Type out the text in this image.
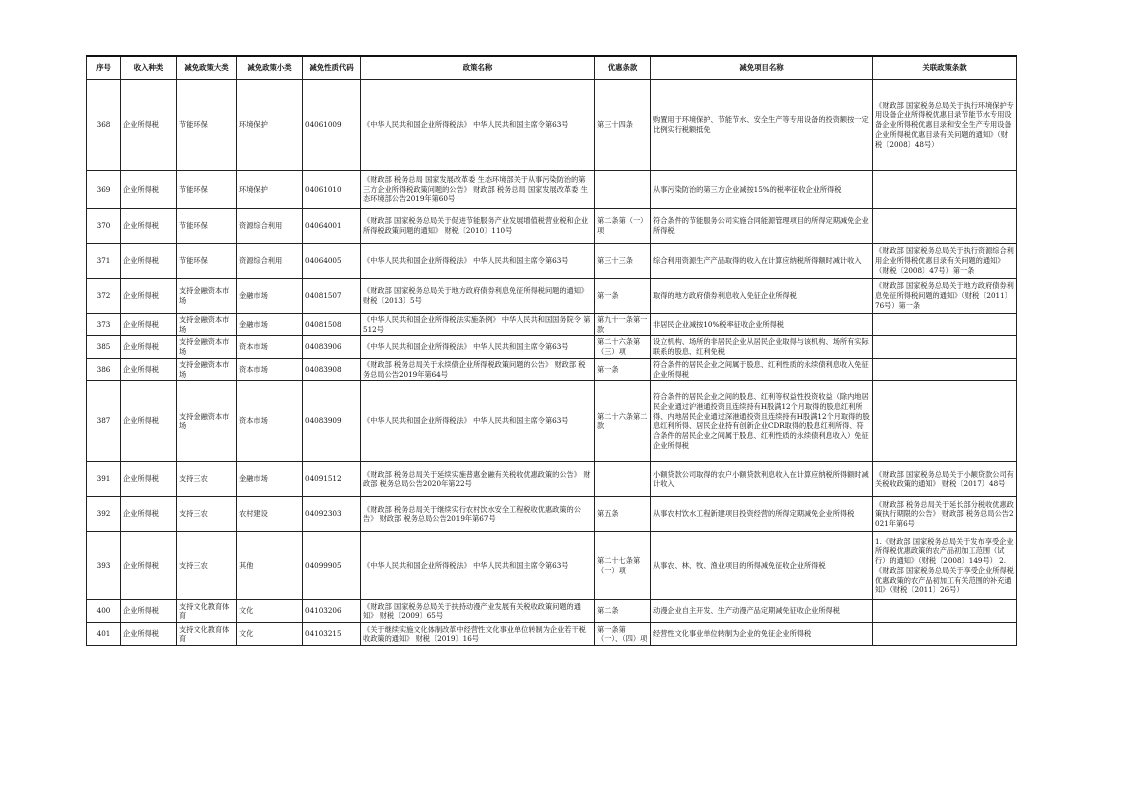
序号	收入种类	减免政策大类	减免政策小类	减免性质代码	政策名称	优惠条款	减免项目名称	关联政策条款
368	企业所得税	节能环保	环境保护	04061009	《中华人民共和国企业所得税法》 中华人民共和国主席令第63号	第三十四条	购置用于环境保护、节能节水、安全生产等专用设备的投资额按一定比例实行税额抵免	《财政部 国家税务总局关于执行环境保护专用设备企业所得税优惠目录节能节水专用设备企业所得税优惠目录和安全生产专用设备企业所得税优惠目录有关问题的通知》（财税〔2008〕48号）
369	企业所得税	节能环保	环境保护	04061010	《财政部 税务总局 国家发展改革委 生态环境部关于从事污染防治的第三方企业所得税政策问题的公告》 财政部 税务总局 国家发展改革委 生态环境部公告2019年第60号		从事污染防治的第三方企业减按15%的税率征收企业所得税	
370	企业所得税	节能环保	资源综合利用	04064001	《财政部 国家税务总局关于促进节能服务产业发展增值税营业税和企业所得税政策问题的通知》 财税〔2010〕110号	第二条第（一）项	符合条件的节能服务公司实施合同能源管理项目的所得定期减免企业所得税	
371	企业所得税	节能环保	资源综合利用	04064005	《中华人民共和国企业所得税法》 中华人民共和国主席令第63号	第三十三条	综合利用资源生产产品取得的收入在计算应纳税所得额时减计收入	《财政部 国家税务总局关于执行资源综合利用企业所得税优惠目录有关问题的通知》（财税〔2008〕47号）第一条
372	企业所得税	支持金融资本市场	金融市场	04081507	《财政部 国家税务总局关于地方政府债券利息免征所得税问题的通知》 财税〔2013〕5号	第一条	取得的地方政府债券利息收入免征企业所得税	《财政部 国家税务总局关于地方政府债券利息免征所得税问题的通知》（财税〔2011〕76号）第一条
373	企业所得税	支持金融资本市场	金融市场	04081508	《中华人民共和国企业所得税法实施条例》 中华人民共和国国务院令 第512号	第九十一条第一款	非居民企业减按10%税率征收企业所得税	
385	企业所得税	支持金融资本市场	资本市场	04083906	《中华人民共和国企业所得税法》 中华人民共和国主席令第63号	第二十六条第（三）项	设立机构、场所的非居民企业从居民企业取得与该机构、场所有实际联系的股息、红利免税	
386	企业所得税	支持金融资本市场	资本市场	04083908	《财政部 税务总局关于永续债企业所得税政策问题的公告》 财政部 税务总局公告2019年第64号	第一条	符合条件的居民企业之间属于股息、红利性质的永续债利息收入免征企业所得税	
387	企业所得税	支持金融资本市场	资本市场	04083909	《中华人民共和国企业所得税法》 中华人民共和国主席令第63号	第二十六条第二款	符合条件的居民企业之间的股息、红利等权益性投资收益（除内地居民企业通过沪港通投资且连续持有H股满12个月取得的股息红利所得、内地居民企业通过深港通投资且连续持有H股满12个月取得的股息红利所得、居民企业持有创新企业CDR取得的股息红利所得、符合条件的居民企业之间属于股息、红利性质的永续债利息收入）免征企业所得税	
391	企业所得税	支持三农	金融市场	04091512	《财政部 税务总局关于延续实施普惠金融有关税收优惠政策的公告》 财政部 税务总局公告2020年第22号		小额贷款公司取得的农户小额贷款利息收入在计算应纳税所得额时减计收入	《财政部 国家税务总局关于小额贷款公司有关税收政策的通知》 财税〔2017〕48号
392	企业所得税	支持三农	农村建设	04092303	《财政部 税务总局关于继续实行农村饮水安全工程税收优惠政策的公告》 财政部 税务总局公告2019年第67号	第五条	从事农村饮水工程新建项目投资经营的所得定期减免企业所得税	《财政部 税务总局关于延长部分税收优惠政策执行期限的公告》 财政部 税务总局公告2021年第6号
393	企业所得税	支持三农	其他	04099905	《中华人民共和国企业所得税法》 中华人民共和国主席令第63号	第二十七条第（一）项	从事农、林、牧、渔业项目的所得减免征收企业所得税	1.《财政部 国家税务总局关于发布享受企业所得税优惠政策的农产品初加工范围（试行）的通知》（财税〔2008〕149号） 2.《财政部 国家税务总局关于享受企业所得税优惠政策的农产品初加工有关范围的补充通知》（财税〔2011〕26号）
400	企业所得税	支持文化教育体育	文化	04103206	《财政部 国家税务总局关于扶持动漫产业发展有关税收政策问题的通知》 财税〔2009〕65号	第二条	动漫企业自主开发、生产动漫产品定期减免征收企业所得税	
401	企业所得税	支持文化教育体育	文化	04103215	《关于继续实施文化体制改革中经营性文化事业单位转制为企业若干税收政策的通知》 财税〔2019〕16号	第一条第（一）、（四）项	经营性文化事业单位转制为企业的免征企业所得税	
